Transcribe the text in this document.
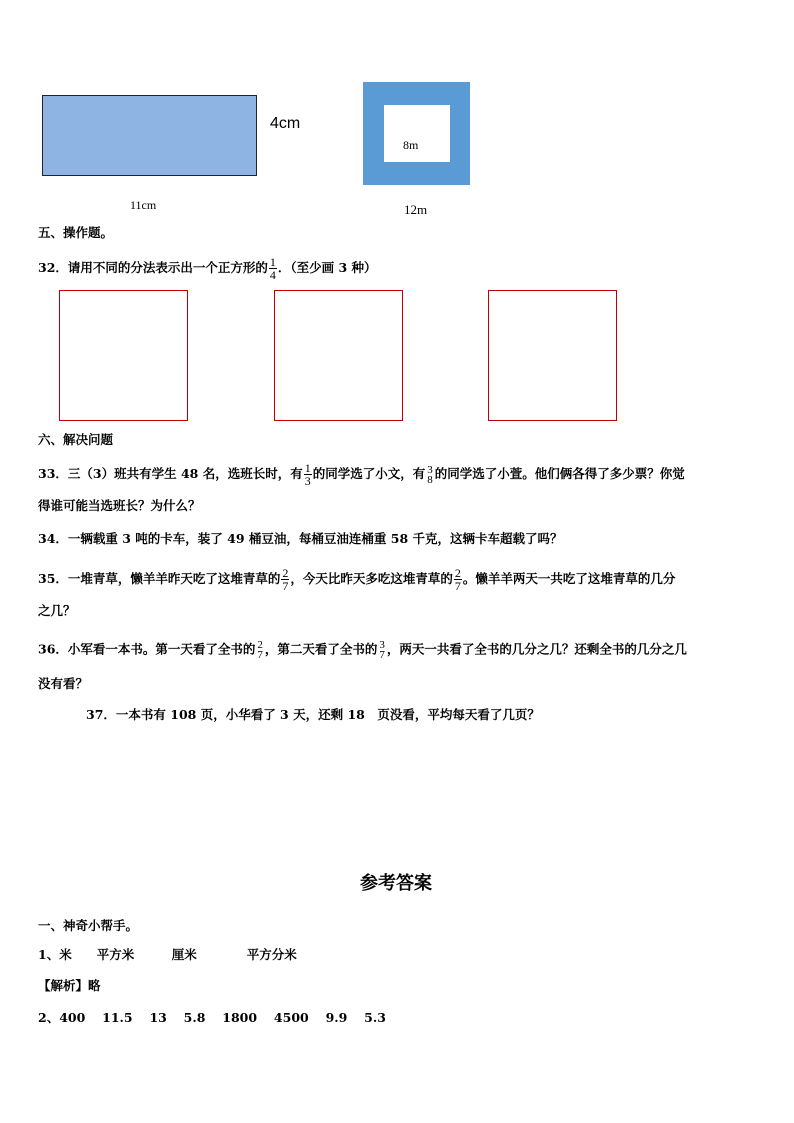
4cm
11cm
8m
12m
五、操作题。
32．请用不同的分法表示出一个正方形的 $\frac{1}{4}$ ．（至少画 3 种）
六、解决问题
33．三（3）班共有学生 48 名，选班长时，有 $\frac{1}{3}$ 的同学选了小文，有 3
8 的同学选了小萱。他们俩各得了多少票？你觉
得谁可能当选班长？为什么？
34．一辆载重 3 吨的卡车，装了 49 桶豆油，每桶豆油连桶重 58 千克，这辆卡车超载了吗？
35．一堆青草，懒羊羊昨天吃了这堆青草的 $\frac{2}{7}$ ，今天比昨天多吃这堆青草的 $\frac{2}{7}$ 。懒羊羊两天一共吃了这堆青草的几分
之几？
36．小军看一本书。第一天看了全书的 2
7 ，第二天看了全书的 3
7 ，两天一共看了全书的几分之几？还剩全书的几分之几
没有看？
37．一本书有 108 页，小华看了 3 天，还剩 18　页没看，平均每天看了几页？
参考答案
一、神奇小帮手。
1、米　　平方米　　　厘米　　　　平方分米
【解析】略
2、400　 11.5　 13　 5.8　 1800　 4500　 9.9　 5.3
